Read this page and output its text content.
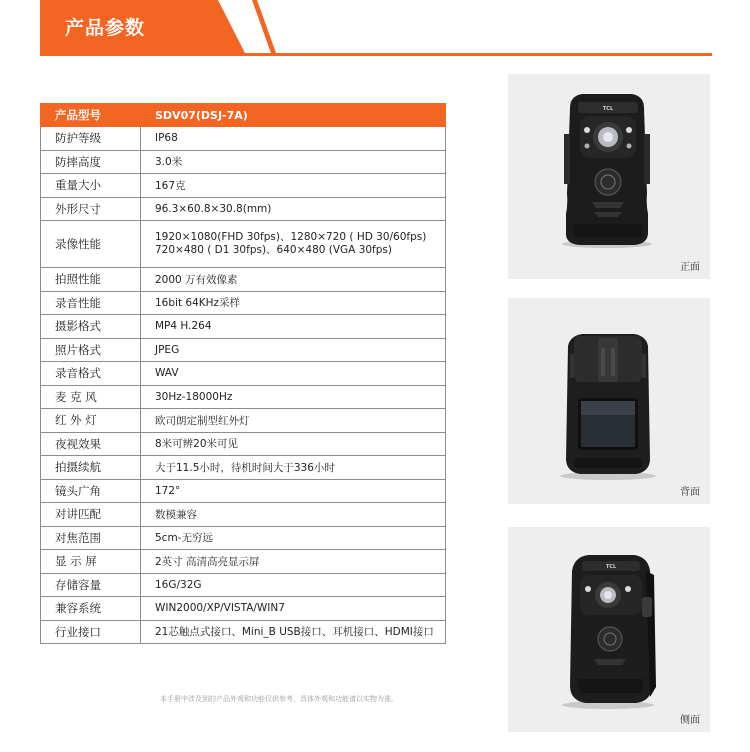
产品参数
产品型号	SDV07(DSJ-7A)
防护等级	IP68
防摔高度	3.0米
重量大小	167克
外形尺寸	96.3×60.8×30.8(mm)
录像性能	1920×1080(FHD 30fps)、1280×720 ( HD 30/60fps)
720×480 ( D1 30fps)、640×480 (VGA 30fps)

拍照性能	2000 万有效像素
录音性能	16bit 64KHz采样
摄影格式	MP4 H.264
照片格式	JPEG
录音格式	WAV
麦 克 风	30Hz-18000Hz
红 外 灯	欧司朗定制型红外灯
夜视效果	8米可辨20米可见
拍摄续航	大于11.5小时，待机时间大于336小时
镜头广角	172°
对讲匹配	数模兼容
对焦范围	5cm-无穷远
显 示 屏	2英寸 高清高亮显示屏
存储容量	16G/32G
兼容系统	WIN2000/XP/VISTA/WIN7
行业接口	21芯触点式接口、Mini_B USB接口、耳机接口、HDMI接口
本手册中涉及到的产品外观和功能仅供参考，具体外观和功能请以实物为准。
TCL
正面
背面
TCL
侧面
